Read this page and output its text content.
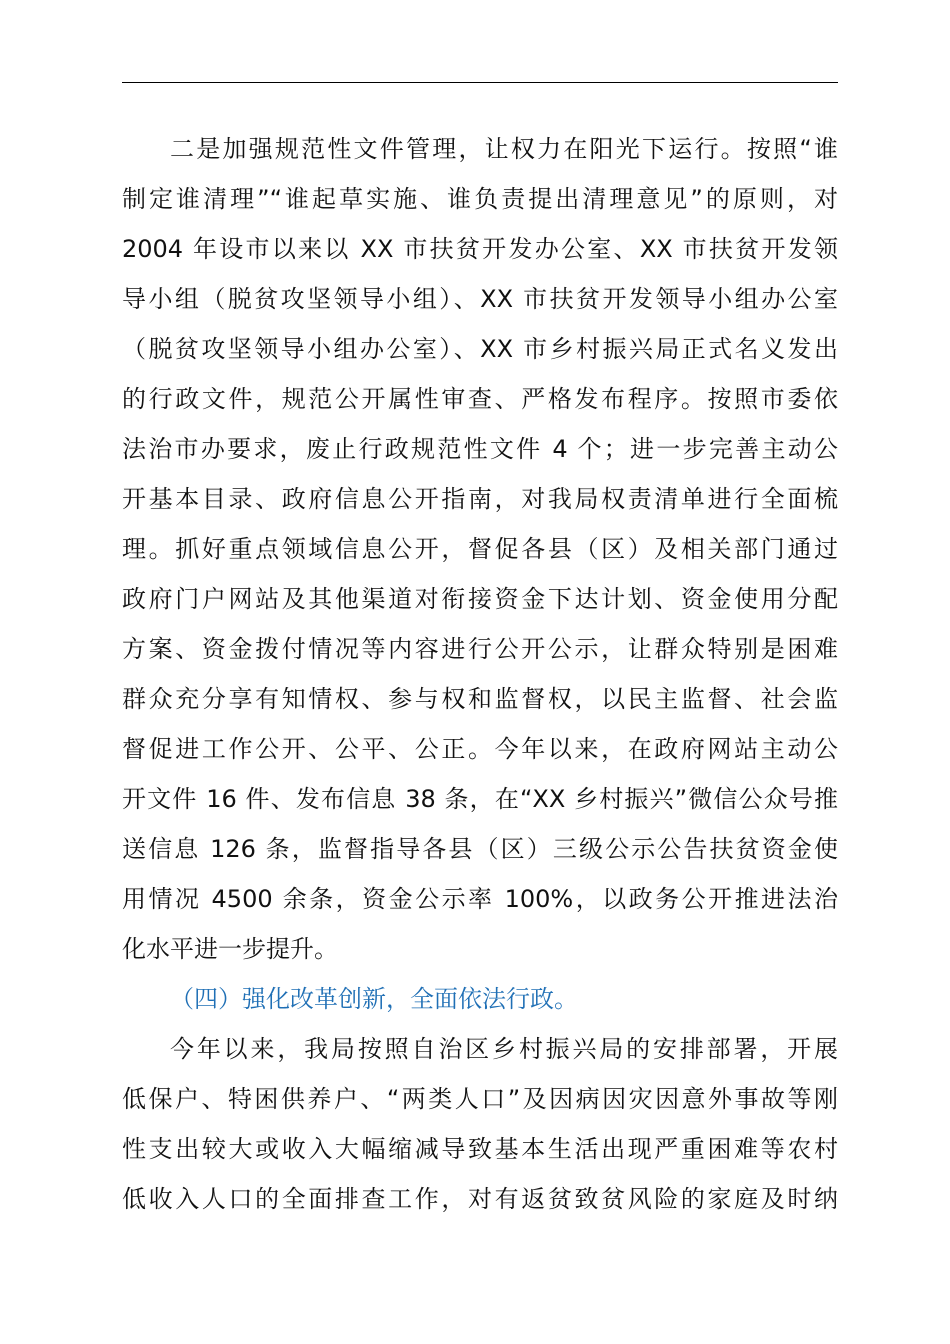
二是加强规范性文件管理，让权力在阳光下运行。按照“谁
制定谁清理”“谁起草实施、谁负责提出清理意见”的原则，对
2004 年设市以来以 XX 市扶贫开发办公室、XX 市扶贫开发领
导小组（脱贫攻坚领导小组）、XX 市扶贫开发领导小组办公室
（脱贫攻坚领导小组办公室）、XX 市乡村振兴局正式名义发出
的行政文件，规范公开属性审查、严格发布程序。按照市委依
法治市办要求，废止行政规范性文件 4 个；进一步完善主动公
开基本目录、政府信息公开指南，对我局权责清单进行全面梳
理。抓好重点领域信息公开，督促各县（区）及相关部门通过
政府门户网站及其他渠道对衔接资金下达计划、资金使用分配
方案、资金拨付情况等内容进行公开公示，让群众特别是困难
群众充分享有知情权、参与权和监督权，以民主监督、社会监
督促进工作公开、公平、公正。今年以来，在政府网站主动公
开文件 16 件、发布信息 38 条，在“XX 乡村振兴”微信公众号推
送信息 126 条，监督指导各县（区）三级公示公告扶贫资金使
用情况 4500 余条，资金公示率 100%，以政务公开推进法治
化水平进一步提升。
（四）强化改革创新，全面依法行政。
今年以来，我局按照自治区乡村振兴局的安排部署，开展
低保户、特困供养户、“两类人口”及因病因灾因意外事故等刚
性支出较大或收入大幅缩减导致基本生活出现严重困难等农村
低收入人口的全面排查工作，对有返贫致贫风险的家庭及时纳
